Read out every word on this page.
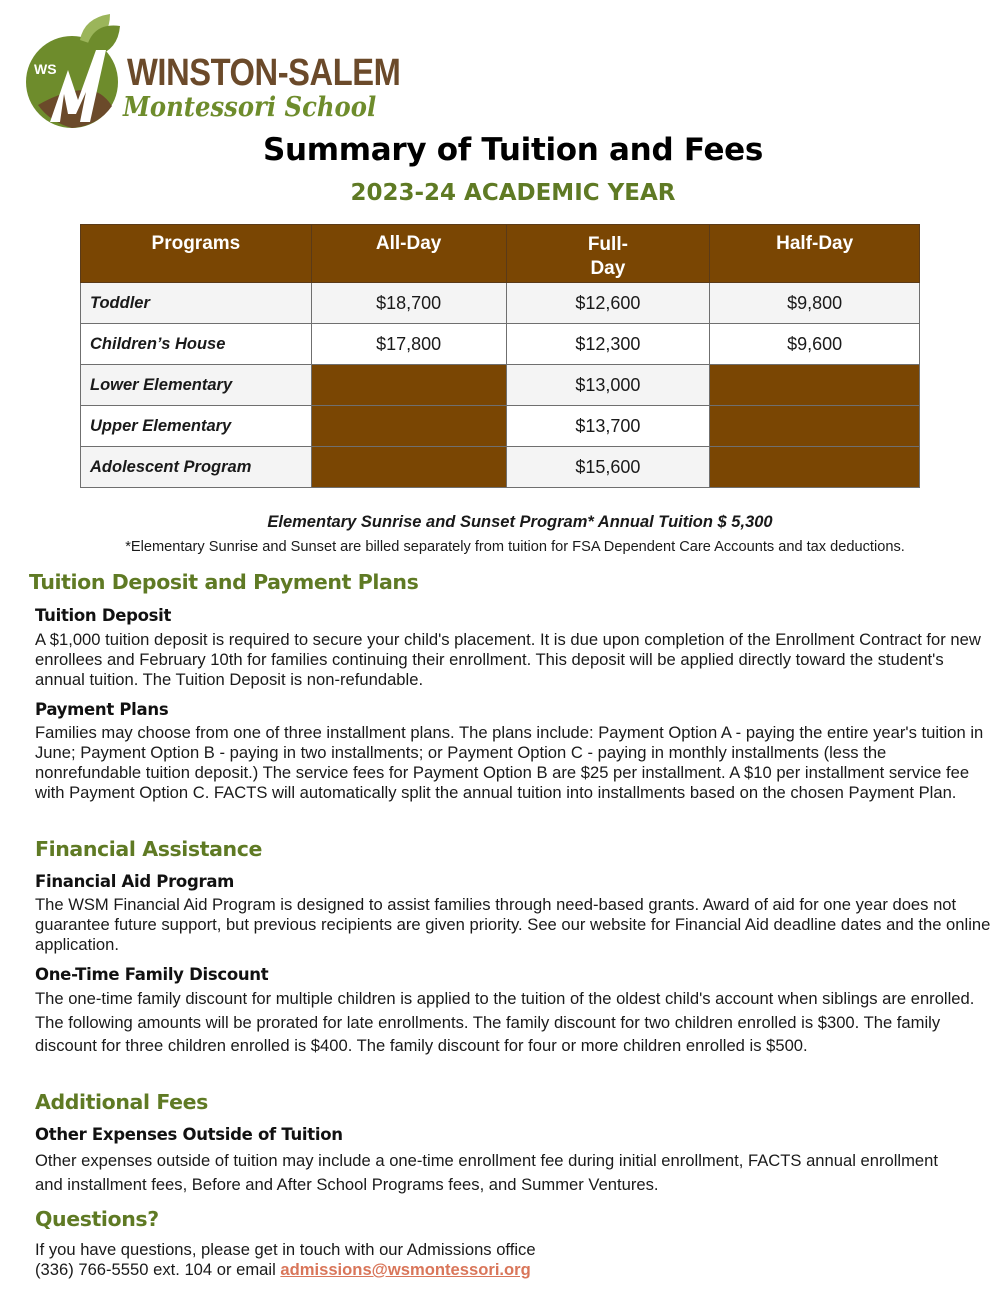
WS WINSTON-SALEM
Montessori School
Summary of Tuition and Fees
2023-24 ACADEMIC YEAR
Programs	All-Day	Full-Day	Half-Day
Toddler	$18,700	$12,600	$9,800
Children’s House	$17,800	$12,300	$9,600
Lower Elementary		$13,000	
Upper Elementary		$13,700	
Adolescent Program		$15,600	
Elementary Sunrise and Sunset Program* Annual Tuition $ 5,300
*Elementary Sunrise and Sunset are billed separately from tuition for FSA Dependent Care Accounts and tax deductions.
Tuition Deposit and Payment Plans
Tuition Deposit
A $1,000 tuition deposit is required to secure your child's placement. It is due upon completion of the Enrollment Contract for new enrollees and February 10th for families continuing their enrollment. This deposit will be applied directly toward the student's annual tuition. The Tuition Deposit is non-refundable.
Payment Plans
Families may choose from one of three installment plans. The plans include: Payment Option A - paying the entire year's tuition in June; Payment Option B - paying in two installments; or Payment Option C - paying in monthly installments (less the nonrefundable tuition deposit.) The service fees for Payment Option B are $25 per installment. A $10 per installment service fee with Payment Option C. FACTS will automatically split the annual tuition into installments based on the chosen Payment Plan.
Financial Assistance
Financial Aid Program
The WSM Financial Aid Program is designed to assist families through need-based grants. Award of aid for one year does not guarantee future support, but previous recipients are given priority. See our website for Financial Aid deadline dates and the online application.
One-Time Family Discount
The one-time family discount for multiple children is applied to the tuition of the oldest child's account when siblings are enrolled. The following amounts will be prorated for late enrollments. The family discount for two children enrolled is $300. The family discount for three children enrolled is $400. The family discount for four or more children enrolled is $500.
Additional Fees
Other Expenses Outside of Tuition
Other expenses outside of tuition may include a one-time enrollment fee during initial enrollment, FACTS annual enrollment and installment fees, Before and After School Programs fees, and Summer Ventures.
Questions?
If you have questions, please get in touch with our Admissions office
(336) 766-5550 ext. 104 or email admissions@wsmontessori.org
